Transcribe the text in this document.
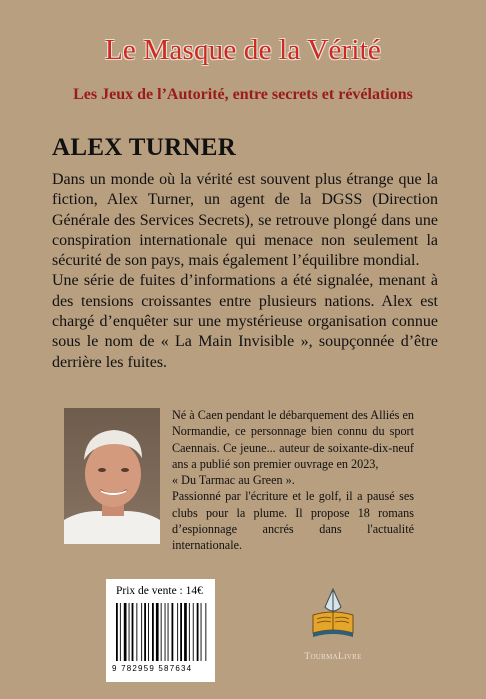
Le Masque de la Vérité
Les Jeux de l’Autorité, entre secrets et révélations
ALEX TURNER

Dans un monde où la vérité est souvent plus étrange que la fiction, Alex Turner, un agent de la DGSS (Direction Générale des Services Secrets), se retrouve plongé dans une conspiration internationale qui menace non seulement la sécurité de son pays, mais également l’équilibre mondial.

Une série de fuites d’informations a été signalée, menant à des tensions croissantes entre plusieurs nations. Alex est chargé d’enquêter sur une mystérieuse organisation connue sous le nom de « La Main Invisible », soupçonnée d’être derrière les fuites.

Né à Caen pendant le débarquement des Alliés en Normandie, ce personnage bien connu du sport Caennais. Ce jeune... auteur de soixante-dix-neuf ans a publié son premier ouvrage en 2023,

« Du Tarmac au Green ».

Passionné par l'écriture et le golf, il a pausé ses clubs pour la plume. Il propose 18 romans d’espionnage ancrés dans l'actualité internationale.

Prix de vente : 14€
9 782959 587634
TourmaLivre
